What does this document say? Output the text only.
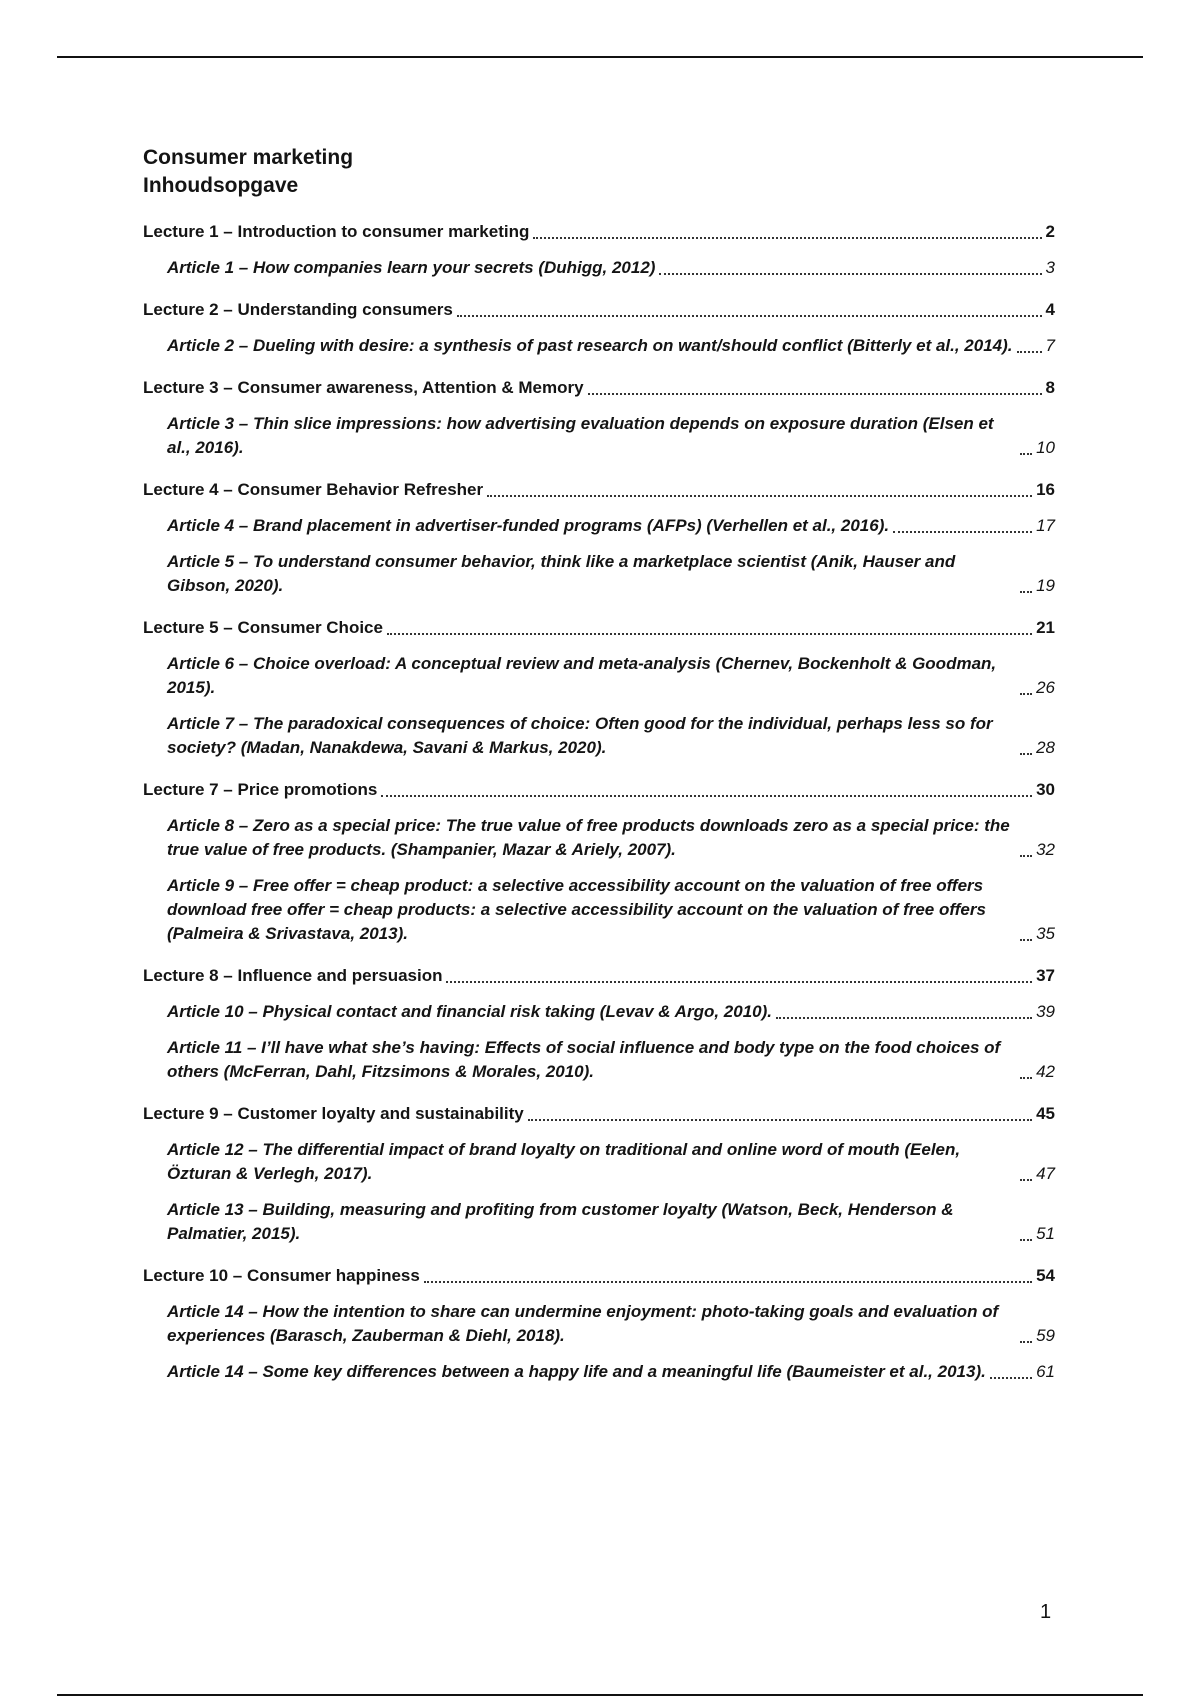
Consumer marketing
Inhoudsopgave
Lecture 1 – Introduction to consumer marketing	2
Article 1 – How companies learn your secrets (Duhigg, 2012)	3
Lecture 2 – Understanding consumers	4
Article 2 – Dueling with desire: a synthesis of past research on want/should conflict (Bitterly et al., 2014). 7
Lecture 3 – Consumer awareness, Attention & Memory	8
Article 3 – Thin slice impressions: how advertising evaluation depends on exposure duration (Elsen et al., 2016).	10
Lecture 4 – Consumer Behavior Refresher	16
Article 4 – Brand placement in advertiser-funded programs (AFPs) (Verhellen et al., 2016).	17
Article 5 – To understand consumer behavior, think like a marketplace scientist (Anik, Hauser and Gibson, 2020).	19
Lecture 5 – Consumer Choice	21
Article 6 – Choice overload: A conceptual review and meta-analysis (Chernev, Bockenholt & Goodman, 2015).	26
Article 7 – The paradoxical consequences of choice: Often good for the individual, perhaps less so for society? (Madan, Nanakdewa, Savani & Markus, 2020).	28
Lecture 7 – Price promotions	30
Article 8 – Zero as a special price: The true value of free products downloads zero as a special price: the true value of free products. (Shampanier, Mazar & Ariely, 2007).	32
Article 9 – Free offer = cheap product: a selective accessibility account on the valuation of free offers download free offer = cheap products: a selective accessibility account on the valuation of free offers (Palmeira & Srivastava, 2013).	35
Lecture 8 – Influence and persuasion	37
Article 10 – Physical contact and financial risk taking (Levav & Argo, 2010).	39
Article 11 – I’ll have what she’s having: Effects of social influence and body type on the food choices of others (McFerran, Dahl, Fitzsimons & Morales, 2010).	42
Lecture 9 – Customer loyalty and sustainability	45
Article 12 – The differential impact of brand loyalty on traditional and online word of mouth (Eelen, Özturan & Verlegh, 2017).	47
Article 13 – Building, measuring and profiting from customer loyalty (Watson, Beck, Henderson & Palmatier, 2015).	51
Lecture 10 – Consumer happiness	54
Article 14 – How the intention to share can undermine enjoyment: photo-taking goals and evaluation of experiences (Barasch, Zauberman & Diehl, 2018).	59
Article 14 – Some key differences between a happy life and a meaningful life (Baumeister et al., 2013).	61
1
